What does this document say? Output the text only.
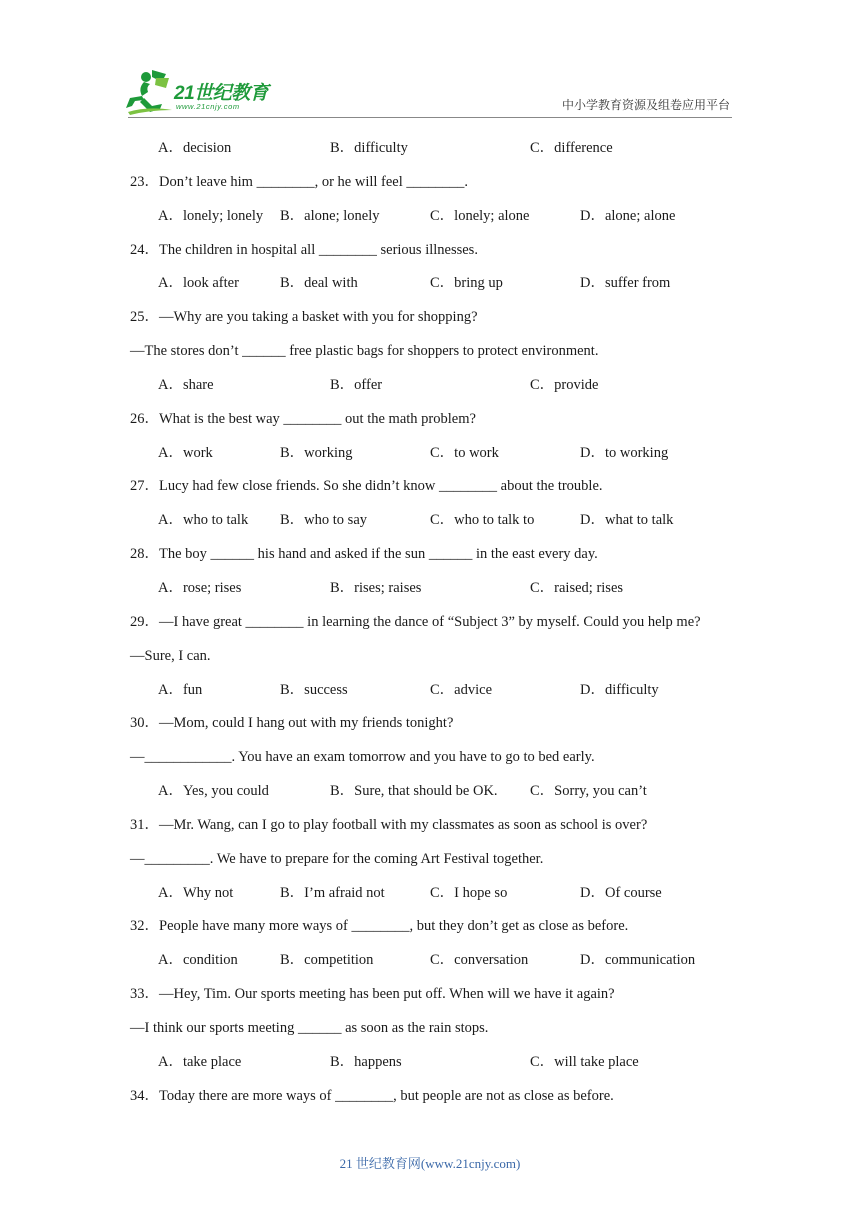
21世纪教育
www.21cnjy.com	中小学教育资源及组卷应用平台
A．decision	B．difficulty	C．difference
23．Don’t leave him ________, or he will feel ________.
A．lonely; lonely B．alone; lonely	C．lonely; alone	D．alone; alone
24．The children in hospital all ________ serious illnesses.
A．look after	B．deal with	C．bring up	D．suffer from
25．—Why are you taking a basket with you for shopping?
—The stores don’t ______ free plastic bags for shoppers to protect environment.
A．share	B．offer	C．provide
26．What is the best way ________ out the math problem?
A．work	B．working	C．to work	D．to working
27．Lucy had few close friends. So she didn’t know ________ about the trouble.
A．who to talk B．who to say	C．who to talk to	D．what to talk
28．The boy ______ his hand and asked if the sun ______ in the east every day.
A．rose; rises	B．rises; raises	C．raised; rises
29．—I have great ________ in learning the dance of “Subject 3” by myself. Could you help me?
—Sure, I can.
A．fun	B．success	C．advice	D．difficulty
30．—Mom, could I hang out with my friends tonight?
—____________. You have an exam tomorrow and you have to go to bed early.
A．Yes, you could	B．Sure, that should be OK. C．Sorry, you can’t
31．—Mr. Wang, can I go to play football with my classmates as soon as school is over?
—_________. We have to prepare for the coming Art Festival together.
A．Why not	B．I’m afraid not	C．I hope so	D．Of course
32．People have many more ways of ________, but they don’t get as close as before.
A．condition	B．competition	C．conversation	D．communication
33．—Hey, Tim. Our sports meeting has been put off. When will we have it again?
—I think our sports meeting ______ as soon as the rain stops.
A．take place	B．happens	C．will take place
34．Today there are more ways of ________, but people are not as close as before.
21 世纪教育网(www.21cnjy.com)
